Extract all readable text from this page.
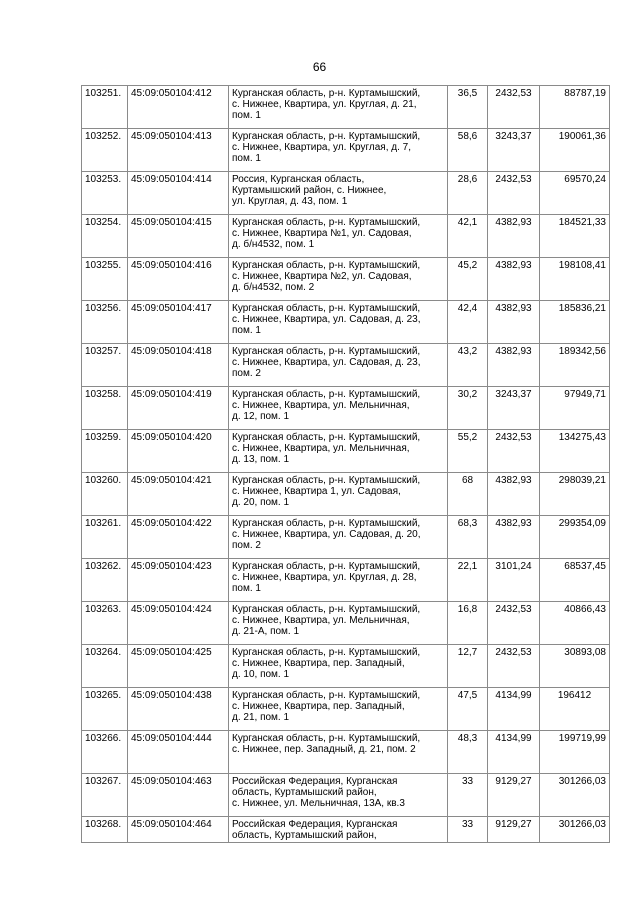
66
103251.	45:09:050104:412	Курганская область, р-н. Куртамышский,
с. Нижнее, Квартира, ул. Круглая, д. 21,
пом. 1	36,5	2432,53	88787,19
103252.	45:09:050104:413	Курганская область, р-н. Куртамышский,
с. Нижнее, Квартира, ул. Круглая, д. 7,
пом. 1	58,6	3243,37	190061,36
103253.	45:09:050104:414	Россия, Курганская область,
Куртамышский район, с. Нижнее,
ул. Круглая, д. 43, пом. 1	28,6	2432,53	69570,24
103254.	45:09:050104:415	Курганская область, р-н. Куртамышский,
с. Нижнее, Квартира №1, ул. Садовая,
д. б/н4532, пом. 1	42,1	4382,93	184521,33
103255.	45:09:050104:416	Курганская область, р-н. Куртамышский,
с. Нижнее, Квартира №2, ул. Садовая,
д. б/н4532, пом. 2	45,2	4382,93	198108,41
103256.	45:09:050104:417	Курганская область, р-н. Куртамышский,
с. Нижнее, Квартира, ул. Садовая, д. 23,
пом. 1	42,4	4382,93	185836,21
103257.	45:09:050104:418	Курганская область, р-н. Куртамышский,
с. Нижнее, Квартира, ул. Садовая, д. 23,
пом. 2	43,2	4382,93	189342,56
103258.	45:09:050104:419	Курганская область, р-н. Куртамышский,
с. Нижнее, Квартира, ул. Мельничная,
д. 12, пом. 1	30,2	3243,37	97949,71
103259.	45:09:050104:420	Курганская область, р-н. Куртамышский,
с. Нижнее, Квартира, ул. Мельничная,
д. 13, пом. 1	55,2	2432,53	134275,43
103260.	45:09:050104:421	Курганская область, р-н. Куртамышский,
с. Нижнее, Квартира 1, ул. Садовая,
д. 20, пом. 1	68	4382,93	298039,21
103261.	45:09:050104:422	Курганская область, р-н. Куртамышский,
с. Нижнее, Квартира, ул. Садовая, д. 20,
пом. 2	68,3	4382,93	299354,09
103262.	45:09:050104:423	Курганская область, р-н. Куртамышский,
с. Нижнее, Квартира, ул. Круглая, д. 28,
пом. 1	22,1	3101,24	68537,45
103263.	45:09:050104:424	Курганская область, р-н. Куртамышский,
с. Нижнее, Квартира, ул. Мельничная,
д. 21-А, пом. 1	16,8	2432,53	40866,43
103264.	45:09:050104:425	Курганская область, р-н. Куртамышский,
с. Нижнее, Квартира, пер. Западный,
д. 10, пом. 1	12,7	2432,53	30893,08
103265.	45:09:050104:438	Курганская область, р-н. Куртамышский,
с. Нижнее, Квартира, пер. Западный,
д. 21, пом. 1	47,5	4134,99	196412
103266.	45:09:050104:444	Курганская область, р-н. Куртамышский,
с. Нижнее, пер. Западный, д. 21, пом. 2	48,3	4134,99	199719,99
103267.	45:09:050104:463	Российская Федерация, Курганская
область, Куртамышский район,
с. Нижнее, ул. Мельничная, 13А, кв.3	33	9129,27	301266,03
103268.	45:09:050104:464	Российская Федерация, Курганская
область, Куртамышский район,	33	9129,27	301266,03
